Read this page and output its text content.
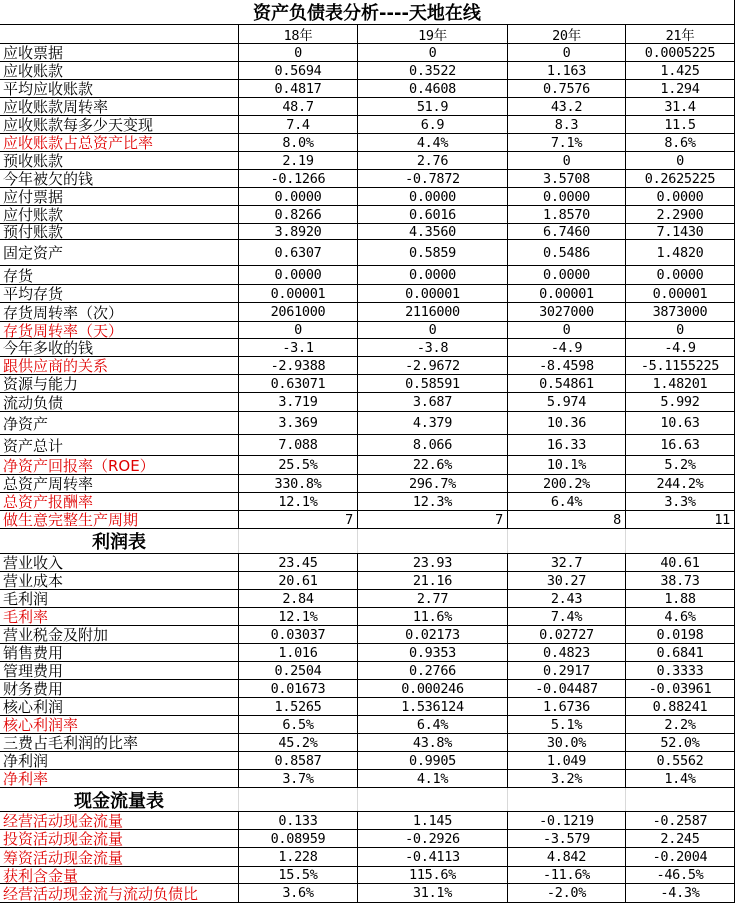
资产负债表分析----天地在线
18年	19年	20年	21年
应收票据	0	0	0	0.0005225
应收账款	0.5694	0.3522	1.163	1.425
平均应收账款	0.4817	0.4608	0.7576	1.294
应收账款周转率	48.7	51.9	43.2	31.4
应收账款每多少天变现	7.4	6.9	8.3	11.5
应收账款占总资产比率	8.0%	4.4%	7.1%	8.6%
预收账款	2.19	2.76	0	0
今年被欠的钱	-0.1266	-0.7872	3.5708	0.2625225
应付票据	0.0000	0.0000	0.0000	0.0000
应付账款	0.8266	0.6016	1.8570	2.2900
预付账款	3.8920	4.3560	6.7460	7.1430
固定资产	0.6307	0.5859	0.5486	1.4820
存货	0.0000	0.0000	0.0000	0.0000
平均存货	0.00001	0.00001	0.00001	0.00001
存货周转率（次）	2061000	2116000	3027000	3873000
存货周转率（天）	0	0	0	0
今年多收的钱	-3.1	-3.8	-4.9	-4.9
跟供应商的关系	-2.9388	-2.9672	-8.4598	-5.1155225
资源与能力	0.63071	0.58591	0.54861	1.48201
流动负债	3.719	3.687	5.974	5.992
净资产	3.369	4.379	10.36	10.63
资产总计	7.088	8.066	16.33	16.63
净资产回报率（ROE）	25.5%	22.6%	10.1%	5.2%
总资产周转率	330.8%	296.7%	200.2%	244.2%
总资产报酬率	12.1%	12.3%	6.4%	3.3%
做生意完整生产周期	7	7	8	11
利润表
营业收入	23.45	23.93	32.7	40.61
营业成本	20.61	21.16	30.27	38.73
毛利润	2.84	2.77	2.43	1.88
毛利率	12.1%	11.6%	7.4%	4.6%
营业税金及附加	0.03037	0.02173	0.02727	0.0198
销售费用	1.016	0.9353	0.4823	0.6841
管理费用	0.2504	0.2766	0.2917	0.3333
财务费用	0.01673	0.000246	-0.04487	-0.03961
核心利润	1.5265	1.536124	1.6736	0.88241
核心利润率	6.5%	6.4%	5.1%	2.2%
三费占毛利润的比率	45.2%	43.8%	30.0%	52.0%
净利润	0.8587	0.9905	1.049	0.5562
净利率	3.7%	4.1%	3.2%	1.4%
现金流量表
经营活动现金流量	0.133	1.145	-0.1219	-0.2587
投资活动现金流量	0.08959	-0.2926	-3.579	2.245
筹资活动现金流量	1.228	-0.4113	4.842	-0.2004
获利含金量	15.5%	115.6%	-11.6%	-46.5%
经营活动现金流与流动负债比	3.6%	31.1%	-2.0%	-4.3%
